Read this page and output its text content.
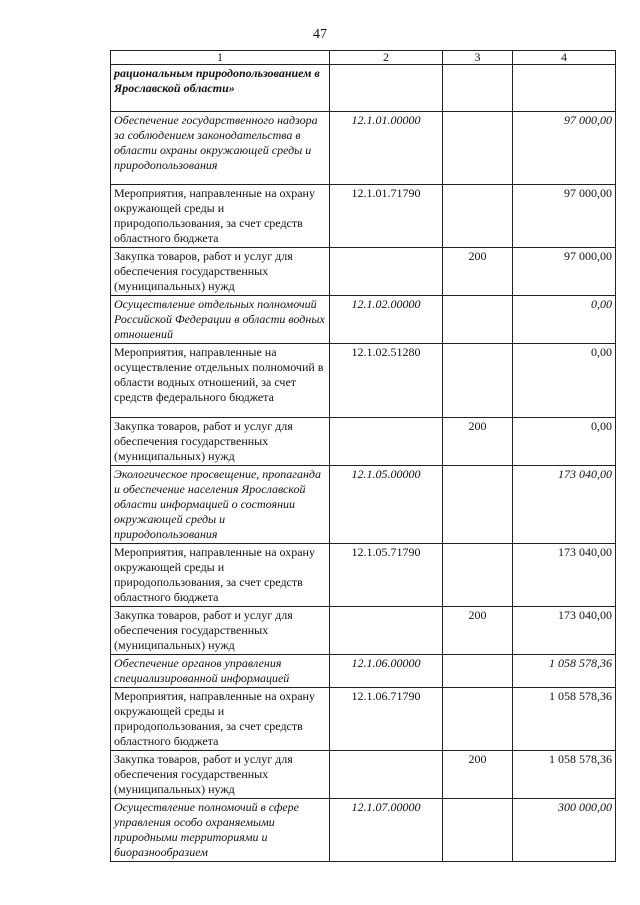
47
1	2	3	4
рациональным природопользованием в Ярославской области»			
Обеспечение государственного надзора за соблюдением законодательства в области охраны окружающей среды и природопользования	12.1.01.00000		97 000,00
Мероприятия, направленные на охрану окружающей среды и природопользования, за счет средств областного бюджета	12.1.01.71790		97 000,00
Закупка товаров, работ и услуг для обеспечения государственных (муниципальных) нужд		200	97 000,00
Осуществление отдельных полномочий Российской Федерации в области водных отношений	12.1.02.00000		0,00
Мероприятия, направленные на осуществление отдельных полномочий в области водных отношений, за счет средств федерального бюджета	12.1.02.51280		0,00
Закупка товаров, работ и услуг для обеспечения государственных (муниципальных) нужд		200	0,00
Экологическое просвещение, пропаганда и обеспечение населения Ярославской области информацией о состоянии окружающей среды и природопользования	12.1.05.00000		173 040,00
Мероприятия, направленные на охрану окружающей среды и природопользования, за счет средств областного бюджета	12.1.05.71790		173 040,00
Закупка товаров, работ и услуг для обеспечения государственных (муниципальных) нужд		200	173 040,00
Обеспечение органов управления специализированной информацией	12.1.06.00000		1 058 578,36
Мероприятия, направленные на охрану окружающей среды и природопользования, за счет средств областного бюджета	12.1.06.71790		1 058 578,36
Закупка товаров, работ и услуг для обеспечения государственных (муниципальных) нужд		200	1 058 578,36
Осуществление полномочий в сфере управления особо охраняемыми природными территориями и биоразнообразием	12.1.07.00000		300 000,00
